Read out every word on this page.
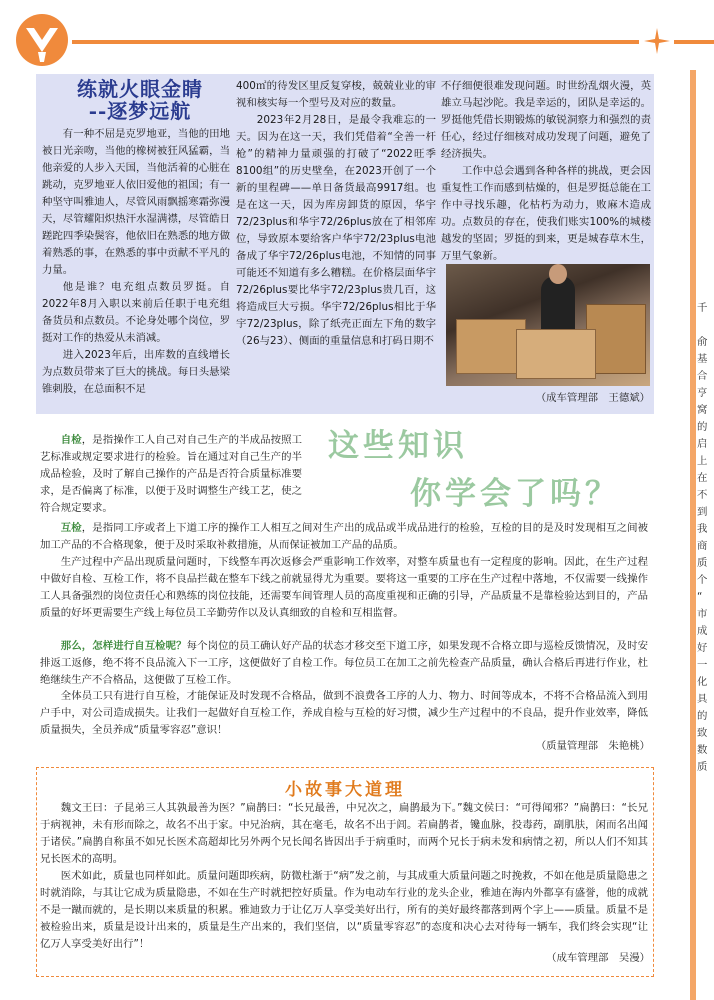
练就火眼金睛
--逐梦远航

有一种不屈是克罗地亚，当他的田地被日光亲吻，当他的橡树被狂风猛霸，当他亲爱的人步入天国，当他活着的心脏在跳动，克罗地亚人依旧爱他的祖国；有一种坚守叫雅迪人，尽管风雨飘摇寒霜弥漫天，尽管耀阳炽热汗水湿满襟，尽管皓日蹉跎四季染鬓容，他依旧在熟悉的地方做着熟悉的事，在熟悉的事中贡献不平凡的力量。

他是谁？电充组点数员罗挺。自2022年8月入职以来前后任职于电充组备货员和点数员。不论身处哪个岗位，罗挺对工作的热爱从未消减。

进入2023年后，出库数的直线增长为点数员带来了巨大的挑战。每日头悬梁锥刺股，在总面积不足

400㎡的待发区里反复穿梭，兢兢业业的审视和核实每一个型号及对应的数量。

2023年2月28日，是最令我难忘的一天。因为在这一天，我们凭借着“全善一杆枪”的精神力量顽强的打破了“2022旺季8100组”的历史壁垒，在2023开创了一个新的里程碑——单日备货最高9917组。也是在这一天，因为库房卸货的原因，华宇72/23plus和华宇72/26plus放在了相邻库位，导致原本要给客户华宇72/23plus电池备成了华宇72/26plus电池，不知情的同事可能还不知道有多么糟糕。在价格层面华宇72/26plus要比华宇72/23plus贵几百，这将造成巨大亏损。华宇72/26plus相比于华宇72/23plus，除了纸壳正面左下角的数字（26与23）、侧面的重量信息和打码日期不

不仔细便很难发现问题。时世纷乱烟火漫，英雄立马起沙陀。我是幸运的，团队是幸运的。罗挺他凭借长期锻炼的敏锐洞察力和强烈的责任心，经过仔细核对成功发现了问题，避免了经济损失。

工作中总会遇到各种各样的挑战，更会因重复性工作而感到枯燥的，但是罗挺总能在工作中寻找乐趣，化枯朽为动力，败麻木造成功。点数员的存在，使我们账实100%的城楼越发的坚固；罗挺的到来，更是城春草木生，万里气象新。

（成车管理部　王德斌）
这些知识
你学会了吗？
自检，是指操作工人自己对自己生产的半成品按照工艺标准或规定要求进行的检验。旨在通过对自己生产的半成品检验，及时了解自己操作的产品是否符合质量标准要求，是否偏离了标准，以便于及时调整生产线工艺，使之符合规定要求。
互检，是指同工序或者上下道工序的操作工人相互之间对生产出的成品或半成品进行的检验，互检的目的是及时发现相互之间被加工产品的不合格现象，便于及时采取补救措施，从而保证被加工产品的品质。
生产过程中产品出现质量问题时，下线整车再次返修会严重影响工作效率，对整车质量也有一定程度的影响。因此，在生产过程中做好自检、互检工作，将不良品拦截在整车下线之前就显得尤为重要。要将这一重要的工序在生产过程中落地，不仅需要一线操作工人具备强烈的岗位责任心和熟练的岗位技能，还需要车间管理人员的高度重视和正确的引导，产品质量不是靠检验达到目的，产品质量的好坏更需要生产线上每位员工辛勤劳作以及认真细致的自检和互相监督。
那么，怎样进行自互检呢？每个岗位的员工确认好产品的状态才移交至下道工序，如果发现不合格立即与巡检反馈情况，及时安排返工返修，绝不将不良品流入下一工序，这便做好了自检工作。每位员工在加工之前先检查产品质量，确认合格后再进行作业，杜绝继续生产不合格品，这便做了互检工作。
全体员工只有进行自互检，才能保证及时发现不合格品，做到不浪费各工序的人力、物力、时间等成本，不将不合格品流入到用户手中，对公司造成损失。让我们一起做好自互检工作，养成自检与互检的好习惯，减少生产过程中的不良品，提升作业效率，降低质量损失，全员养成“质量零容忍”意识！
（质量管理部　朱艳桃）
小故事大道理
魏文王曰：子昆弟三人其孰最善为医？”扁鹊曰：“长兄最善，中兄次之，扁鹊最为下。”魏文侯曰：“可得闻邪？”扁鹊曰：“长兄于病视神，未有形而除之，故名不出于家。中兄治病，其在毫毛，故名不出于闾。若扁鹊者，镵血脉，投毒药，副肌肤，闲而名出闻于诸侯。”扁鹊自称虽不如兄长医术高超却比另外两个兄长闻名皆因出手于病重时，而两个兄长于病未发和病情之初，所以人们不知其兄长医术的高明。
医术如此，质量也同样如此。质量问题即疾病，防微杜渐于“病”发之前，与其成重大质量问题之时挽救，不如在他是质量隐患之时就消除，与其让它成为质量隐患，不如在生产时就把控好质量。作为电动车行业的龙头企业，雅迪在海内外都享有盛誉，他的成就不是一蹴而就的，是长期以来质量的积累。雅迪致力于让亿万人享受美好出行，所有的美好最终都落到两个字上——质量。质量不是被检验出来，质量是设计出来的，质量是生产出来的，我们坚信，以“质量零容忍”的态度和决心去对待每一辆车，我们终会实现“让亿万人享受美好出行”！
（成车管理部　吴漫）
千

俞
基
合
亨
窝
的
启
上
在
不
到
我
商
质
个
“
市
成
好
一
化
具
的
致
数
质
